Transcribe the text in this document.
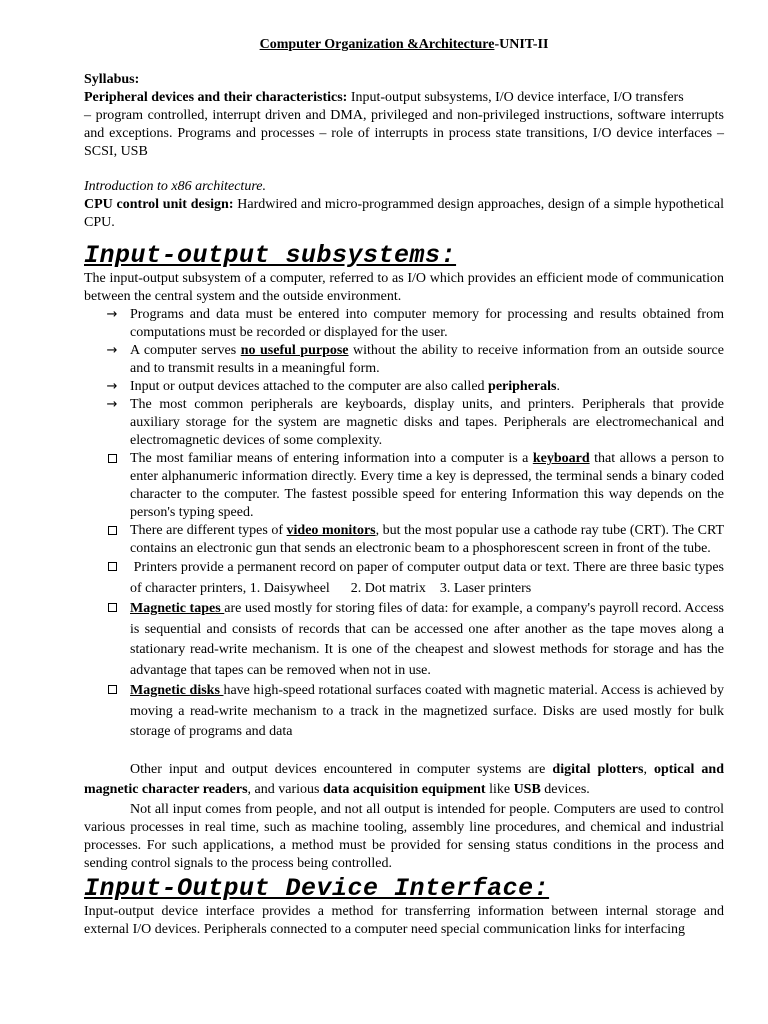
Computer Organization &Architecture-UNIT-II

Syllabus:

Peripheral devices and their characteristics: Input-output subsystems, I/O device interface, I/O transfers

– program controlled, interrupt driven and DMA, privileged and non-privileged instructions, software interrupts and exceptions. Programs and processes – role of interrupts in process state transitions, I/O device interfaces – SCSI, USB

Introduction to x86 architecture.

CPU control unit design: Hardwired and micro-programmed design approaches, design of a simple hypothetical CPU.

Input-output subsystems:

The input-output subsystem of a computer, referred to as I/O which provides an efficient mode of communication between the central system and the outside environment.

→ Programs and data must be entered into computer memory for processing and results obtained from computations must be recorded or displayed for the user.
→ A computer serves no useful purpose without the ability to receive information from an outside source and to transmit results in a meaningful form.
→ Input or output devices attached to the computer are also called peripherals.
→ The most common peripherals are keyboards, display units, and printers. Peripherals that provide auxiliary storage for the system are magnetic disks and tapes. Peripherals are electromechanical and electromagnetic devices of some complexity.
The most familiar means of entering information into a computer is a keyboard that allows a person to enter alphanumeric information directly. Every time a key is depressed, the terminal sends a binary coded character to the computer. The fastest possible speed for entering Information this way depends on the person's typing speed.
There are different types of video monitors, but the most popular use a cathode ray tube (CRT). The CRT contains an electronic gun that sends an electronic beam to a phosphorescent screen in front of the tube.
Printers provide a permanent record on paper of computer output data or text. There are three basic types of character printers, 1. Daisywheel      2. Dot matrix    3. Laser printers
Magnetic tapes are used mostly for storing files of data: for example, a company's payroll record. Access is sequential and consists of records that can be accessed one after another as the tape moves along a stationary read-write mechanism. It is one of the cheapest and slowest methods for storage and has the advantage that tapes can be removed when not in use.
Magnetic disks have high-speed rotational surfaces coated with magnetic material. Access is achieved by moving a read-write mechanism to a track in the magnetized surface. Disks are used mostly for bulk storage of programs and data

Other input and output devices encountered in computer systems are digital plotters, optical and magnetic character readers, and various data acquisition equipment like USB devices.

Not all input comes from people, and not all output is intended for people. Computers are used to control various processes in real time, such as machine tooling, assembly line procedures, and chemical and industrial processes. For such applications, a method must be provided for sensing status conditions in the process and sending control signals to the process being controlled.

Input-Output Device Interface:

Input-output device interface provides a method for transferring information between internal storage and external I/O devices. Peripherals connected to a computer need special communication links for interfacing
